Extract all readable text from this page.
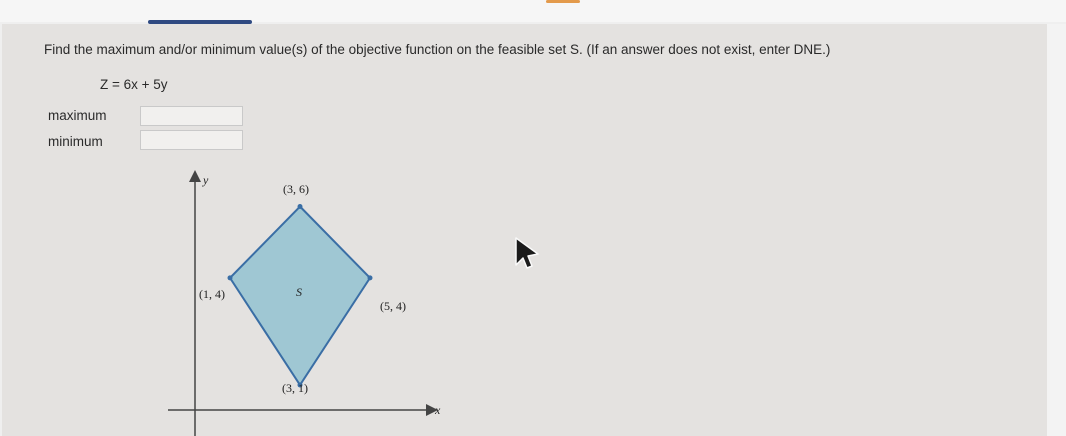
Find the maximum and/or minimum value(s) of the objective function on the feasible set S. (If an answer does not exist, enter DNE.)
Z = 6x + 5y
maximum
minimum
y
x
S
(3, 6)
(5, 4)
(3, 1)
(1, 4)
